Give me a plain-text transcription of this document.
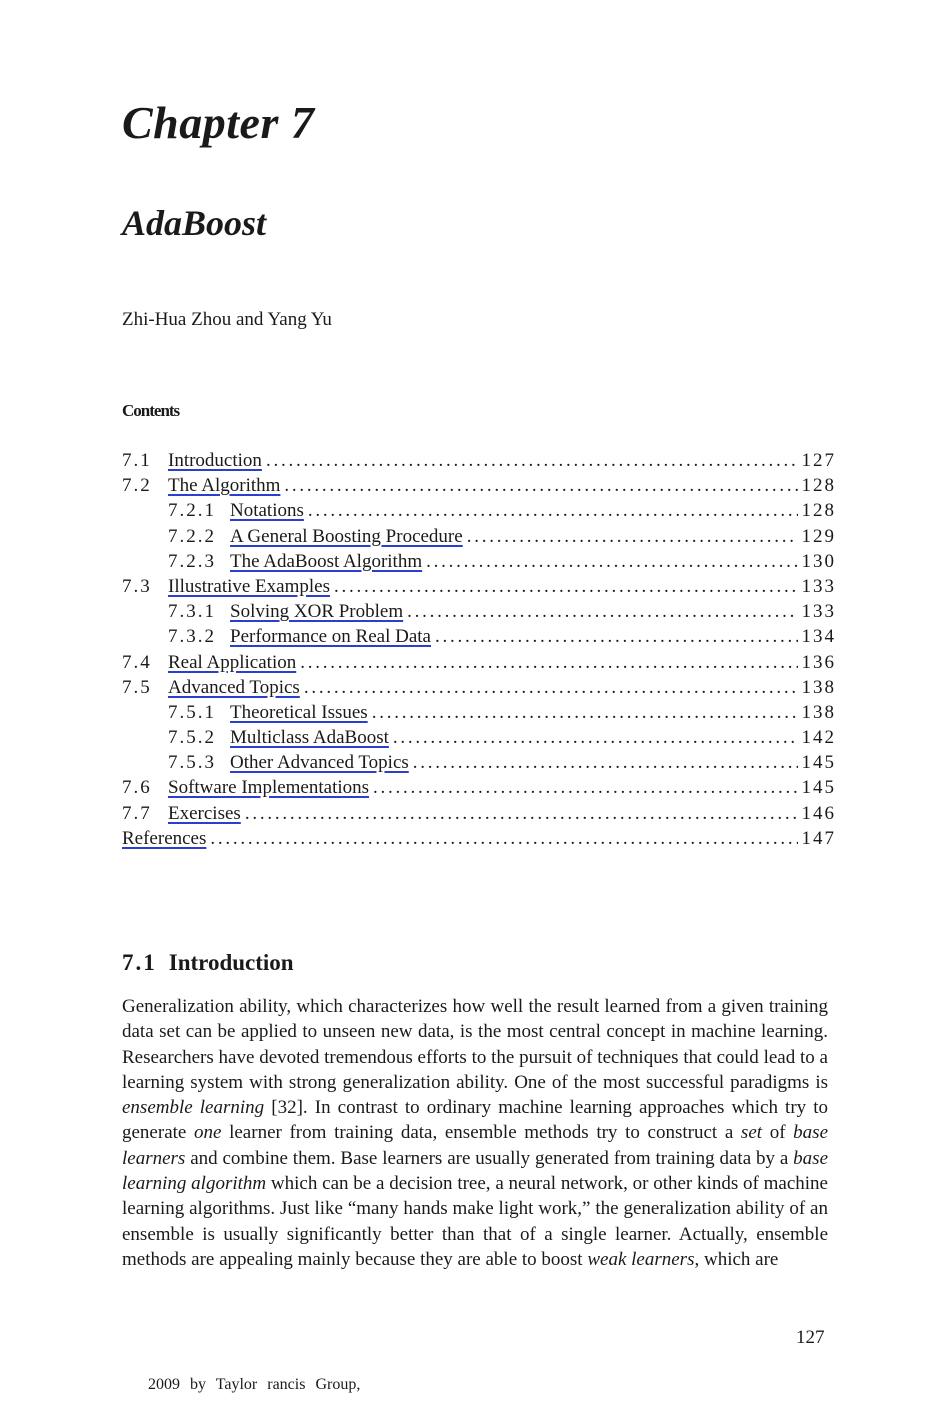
Chapter 7
AdaBoost
Zhi-Hua Zhou and Yang Yu
Contents
7.1 Introduction . . .	127
7.2 The Algorithm . . .	128
7.2.1 Notations . . .	128
7.2.2 A General Boosting Procedure . . .	129
7.2.3 The AdaBoost Algorithm . . .	130
7.3 Illustrative Examples . . .	133
7.3.1 Solving XOR Problem . . .	133
7.3.2 Performance on Real Data . . .	134
7.4 Real Application . . .	136
7.5 Advanced Topics . . .	138
7.5.1 Theoretical Issues . . .	138
7.5.2 Multiclass AdaBoost . . .	142
7.5.3 Other Advanced Topics . . .	145
7.6 Software Implementations . . .	145
7.7 Exercises . . .	146
References . . .	147
7.1 Introduction
Generalization ability, which characterizes how well the result learned from a given training data set can be applied to unseen new data, is the most central concept in machine learning. Researchers have devoted tremendous efforts to the pursuit of techniques that could lead to a learning system with strong generalization ability. One of the most successful paradigms is ensemble learning [32]. In contrast to ordinary machine learning approaches which try to generate one learner from training data, ensemble methods try to construct a set of base learners and combine them. Base learners are usually generated from training data by a base learning algorithm which can be a decision tree, a neural network, or other kinds of machine learning algorithms. Just like “many hands make light work,” the generalization ability of an ensemble is usually significantly better than that of a single learner. Actually, ensemble methods are appealing mainly because they are able to boost weak learners, which are
127
2009 by Taylor rancis Group,
